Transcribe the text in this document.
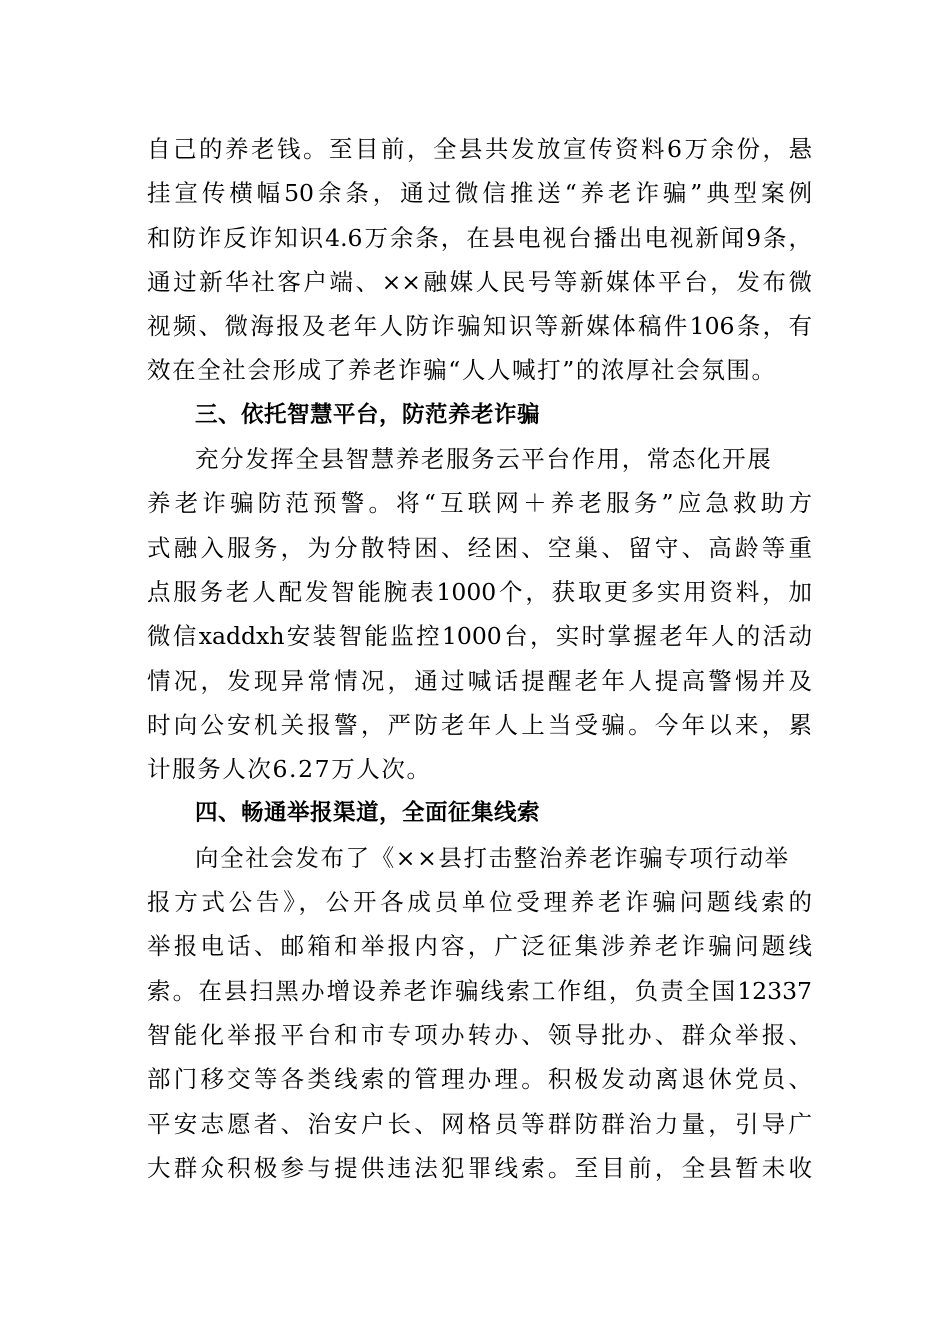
自己的养老钱。至目前，全县共发放宣传资料6万余份，悬
挂宣传横幅50余条，通过微信推送“养老诈骗”典型案例
和防诈反诈知识4.6万余条，在县电视台播出电视新闻9条，
通过新华社客户端、××融媒人民号等新媒体平台，发布微
视频、微海报及老年人防诈骗知识等新媒体稿件106条，有
效在全社会形成了养老诈骗“人人喊打”的浓厚社会氛围。
三、依托智慧平台，防范养老诈骗
充分发挥全县智慧养老服务云平台作用，常态化开展
养老诈骗防范预警。将“互联网＋养老服务”应急救助方
式融入服务，为分散特困、经困、空巢、留守、高龄等重
点服务老人配发智能腕表1000个，获取更多实用资料，加
微信xaddxh安装智能监控1000台，实时掌握老年人的活动
情况，发现异常情况，通过喊话提醒老年人提高警惕并及
时向公安机关报警，严防老年人上当受骗。今年以来，累
计服务人次6.27万人次。
四、畅通举报渠道，全面征集线索
向全社会发布了《××县打击整治养老诈骗专项行动举
报方式公告》，公开各成员单位受理养老诈骗问题线索的
举报电话、邮箱和举报内容，广泛征集涉养老诈骗问题线
索。在县扫黑办增设养老诈骗线索工作组，负责全国12337
智能化举报平台和市专项办转办、领导批办、群众举报、
部门移交等各类线索的管理办理。积极发动离退休党员、
平安志愿者、治安户长、网格员等群防群治力量，引导广
大群众积极参与提供违法犯罪线索。至目前，全县暂未收
